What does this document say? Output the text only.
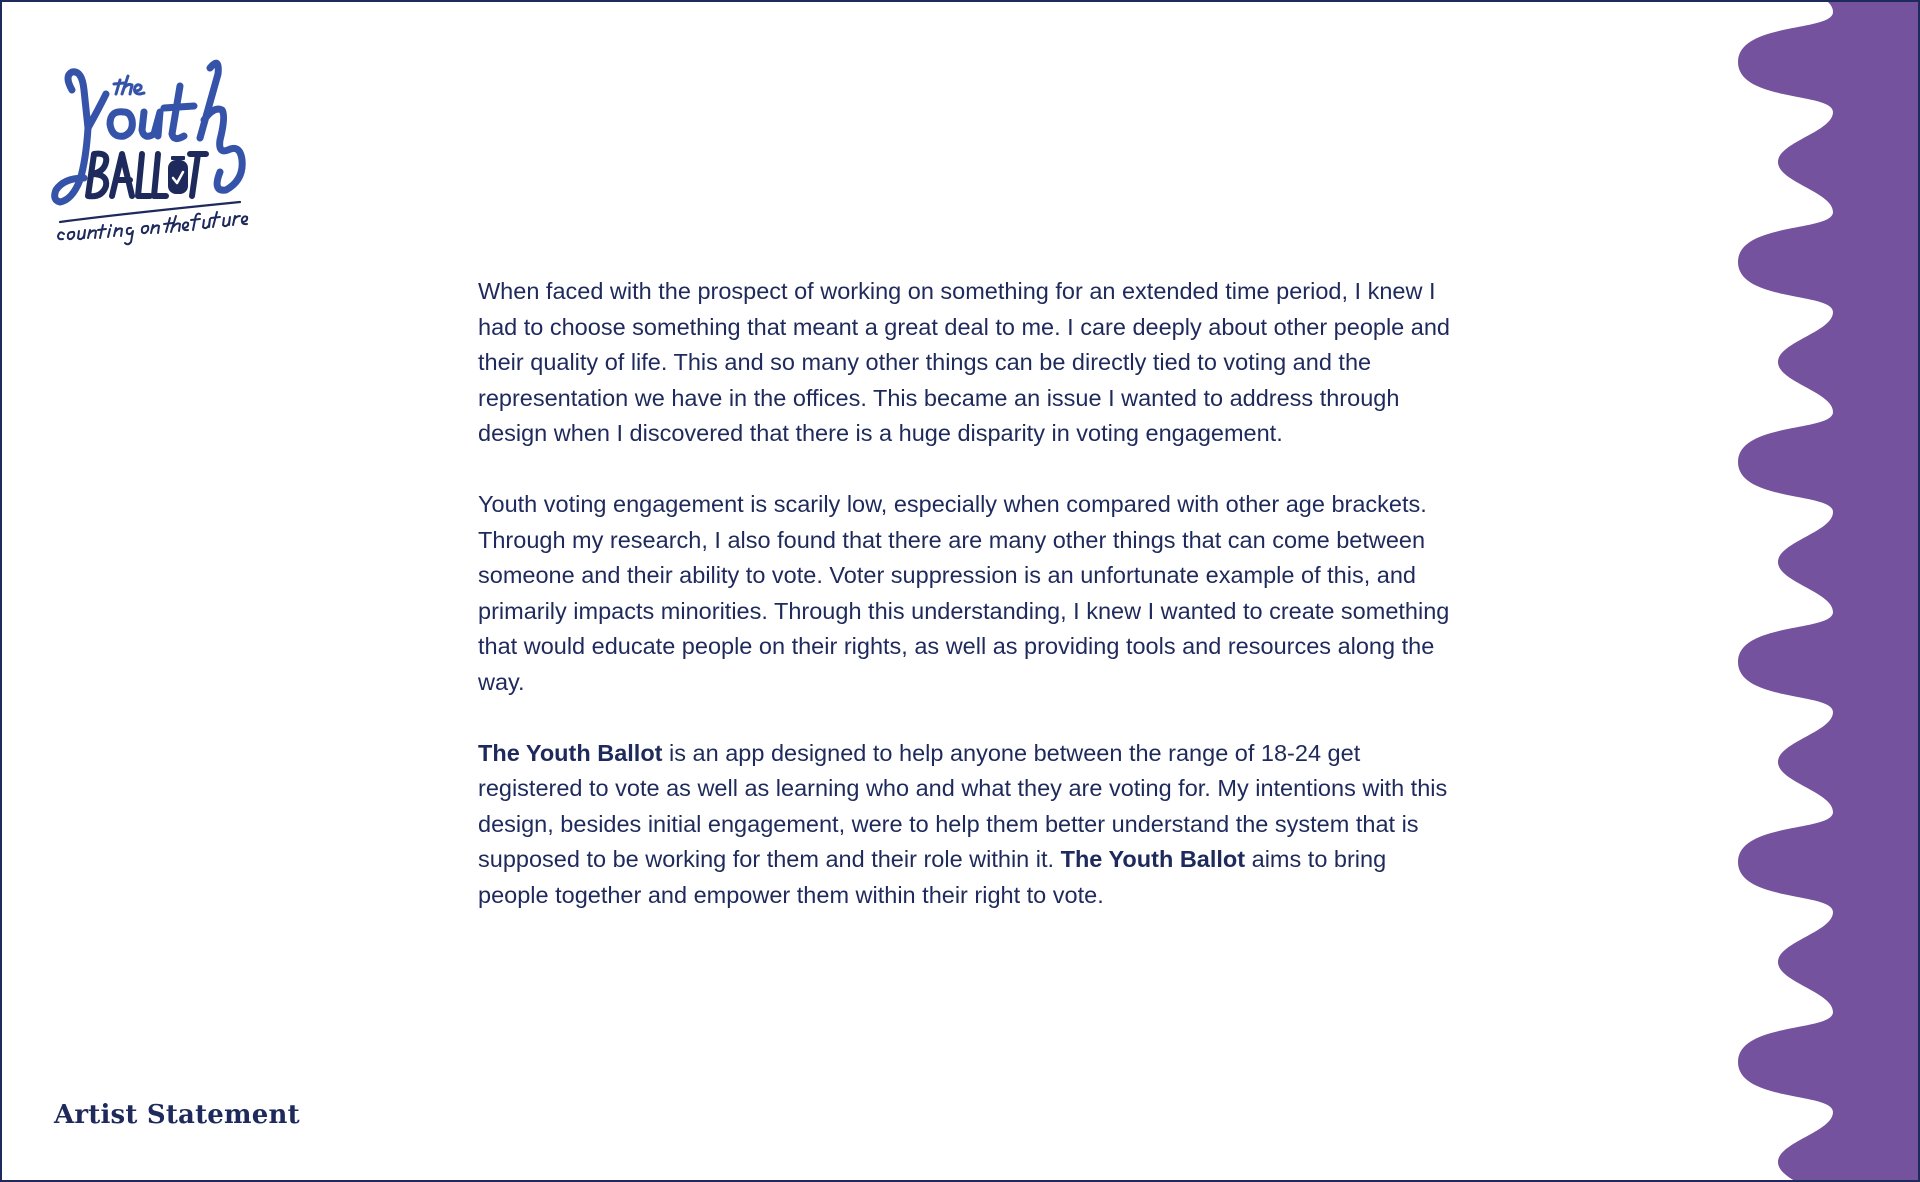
When faced with the prospect of working on something for an extended time period, I knew I had to choose something that meant a great deal to me. I care deeply about other people and their quality of life. This and so many other things can be directly tied to voting and the representation we have in the offices. This became an issue I wanted to address through design when I discovered that there is a huge disparity in voting engagement.

Youth voting engagement is scarily low, especially when compared with other age brackets. Through my research, I also found that there are many other things that can come between someone and their ability to vote. Voter suppression is an unfortunate example of this, and primarily impacts minorities. Through this understanding, I knew I wanted to create something that would educate people on their rights, as well as providing tools and resources along the way.

The Youth Ballot is an app designed to help anyone between the range of 18-24 get registered to vote as well as learning who and what they are voting for. My intentions with this design, besides initial engagement, were to help them better understand the system that is supposed to be working for them and their role within it. The Youth Ballot aims to bring people together and empower them within their right to vote.

Artist Statement
